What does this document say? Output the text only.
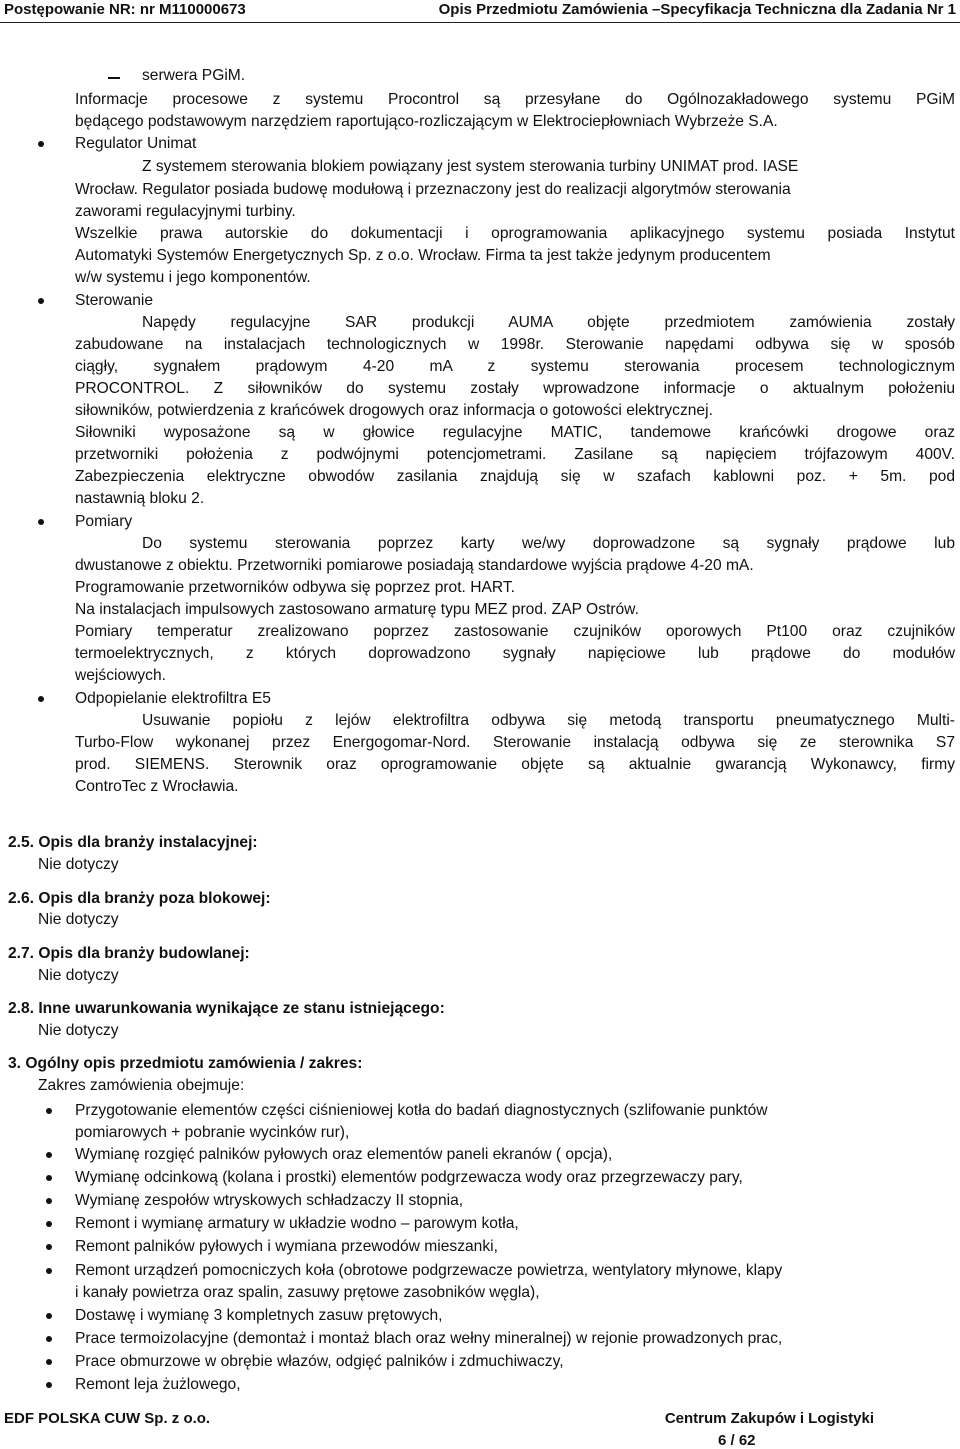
Postępowanie NR: nr M110000673	Opis Przedmiotu Zamówienia –Specyfikacja Techniczna dla Zadania Nr 1
serwera PGiM.
Informacje procesowe z systemu Procontrol są przesyłane do Ogólnozakładowego systemu PGiM
będącego podstawowym narzędziem raportująco-rozliczającym w Elektrociepłowniach Wybrzeże S.A.
Regulator Unimat
Z systemem sterowania blokiem powiązany jest system sterowania turbiny UNIMAT prod. IASE
Wrocław. Regulator posiada budowę modułową i przeznaczony jest do realizacji algorytmów sterowania
zaworami regulacyjnymi turbiny.
Wszelkie prawa autorskie do dokumentacji i oprogramowania aplikacyjnego systemu posiada Instytut
Automatyki Systemów Energetycznych Sp. z o.o. Wrocław. Firma ta jest także jedynym producentem
w/w systemu i jego komponentów.
Sterowanie
Napędy regulacyjne SAR produkcji AUMA objęte przedmiotem zamówienia zostały
zabudowane na instalacjach technologicznych w 1998r. Sterowanie napędami odbywa się w sposób
ciągły, sygnałem prądowym 4-20 mA z systemu sterowania procesem technologicznym
PROCONTROL. Z siłowników do systemu zostały wprowadzone informacje o aktualnym położeniu
siłowników, potwierdzenia z krańcówek drogowych oraz informacja o gotowości elektrycznej.
Siłowniki wyposażone są w głowice regulacyjne MATIC, tandemowe krańcówki drogowe oraz
przetworniki położenia z podwójnymi potencjometrami. Zasilane są napięciem trójfazowym 400V.
Zabezpieczenia elektryczne obwodów zasilania znajdują się w szafach kablowni poz. + 5m. pod
nastawnią bloku 2.
Pomiary
Do systemu sterowania poprzez karty we/wy doprowadzone są sygnały prądowe lub
dwustanowe z obiektu. Przetworniki pomiarowe posiadają standardowe wyjścia prądowe 4-20 mA.
Programowanie przetworników odbywa się poprzez prot. HART.
Na instalacjach impulsowych zastosowano armaturę typu MEZ prod. ZAP Ostrów.
Pomiary temperatur zrealizowano poprzez zastosowanie czujników oporowych Pt100 oraz czujników
termoelektrycznych, z których doprowadzono sygnały napięciowe lub prądowe do modułów
wejściowych.
Odpopielanie elektrofiltra E5
Usuwanie popiołu z lejów elektrofiltra odbywa się metodą transportu pneumatycznego Multi-
Turbo-Flow wykonanej przez Energogomar-Nord. Sterowanie instalacją odbywa się ze sterownika S7
prod. SIEMENS. Sterownik oraz oprogramowanie objęte są aktualnie gwarancją Wykonawcy, firmy
ControTec z Wrocławia.
2.5. Opis dla branży instalacyjnej:
Nie dotyczy
2.6. Opis dla branży poza blokowej:
Nie dotyczy
2.7. Opis dla branży budowlanej:
Nie dotyczy
2.8. Inne uwarunkowania wynikające ze stanu istniejącego:
Nie dotyczy
3. Ogólny opis przedmiotu zamówienia / zakres:
Zakres zamówienia obejmuje:
Przygotowanie elementów części ciśnieniowej kotła do badań diagnostycznych (szlifowanie punktów
pomiarowych + pobranie wycinków rur),
Wymianę rozgięć palników pyłowych oraz elementów paneli ekranów ( opcja),
Wymianę odcinkową (kolana i prostki) elementów podgrzewacza wody oraz przegrzewaczy pary,
Wymianę zespołów wtryskowych schładzaczy II stopnia,
Remont i wymianę armatury w układzie wodno – parowym kotła,
Remont palników pyłowych i wymiana przewodów mieszanki,
Remont urządzeń pomocniczych koła (obrotowe podgrzewacze powietrza, wentylatory młynowe, klapy
i kanały powietrza oraz spalin, zasuwy prętowe zasobników węgla),
Dostawę i wymianę 3 kompletnych zasuw prętowych,
Prace termoizolacyjne (demontaż i montaż blach oraz wełny mineralnej) w rejonie prowadzonych prac,
Prace obmurzowe w obrębie włazów, odgięć palników i zdmuchiwaczy,
Remont leja żużlowego,
EDF POLSKA CUW Sp. z o.o.	Centrum Zakupów i Logistyki
6 / 62
